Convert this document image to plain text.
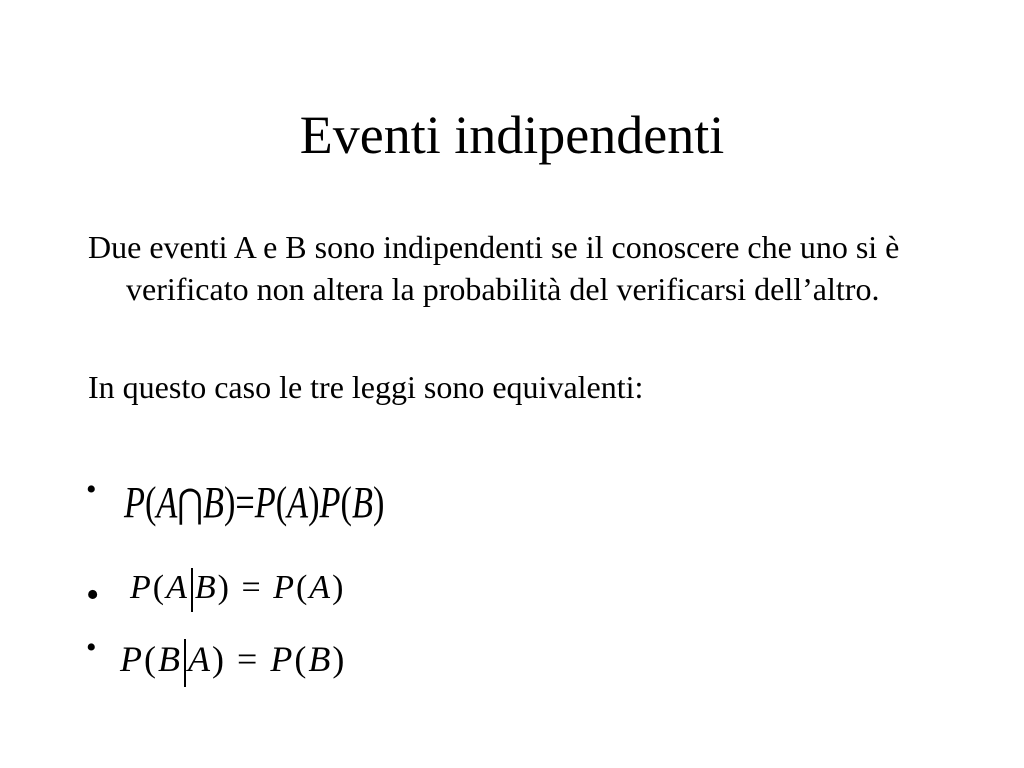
Eventi indipendenti
Due eventi A e B sono indipendenti se il conoscere che uno si è verificato non altera la probabilità del verificarsi dell’altro.
In questo caso le tre leggi sono equivalenti:
• P(A⋂B)=P(A)P(B)
• P(A B) = P(A)
• P(B A) = P(B)
